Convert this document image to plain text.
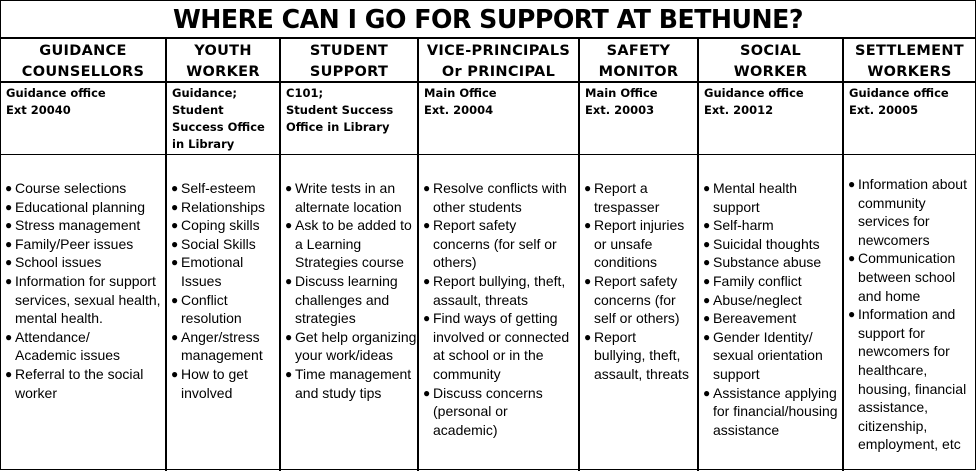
WHERE CAN I GO FOR SUPPORT AT BETHUNE?
GUIDANCE
COUNSELLORS
Guidance office
Ext 20040
● Course selections
● Educational planning
● Stress management
● Family/Peer issues
● School issues
● Information for support
services, sexual health,
mental health.
● Attendance/
Academic issues
● Referral to the social
worker
YOUTH
WORKER
Guidance;
Student
Success Office
in Library
● Self-esteem
● Relationships
● Coping skills
● Social Skills
● Emotional
Issues
● Conflict
resolution
● Anger/stress
management
● How to get
involved
STUDENT
SUPPORT
C101;
Student Success
Office in Library
● Write tests in an
alternate location
● Ask to be added to
a Learning
Strategies course
● Discuss learning
challenges and
strategies
● Get help organizing
your work/ideas
● Time management
and study tips
VICE-PRINCIPALS
Or PRINCIPAL
Main Office
Ext. 20004
● Resolve conflicts with
other students
● Report safety
concerns (for self or
others)
● Report bullying, theft,
assault, threats
● Find ways of getting
involved or connected
at school or in the
community
● Discuss concerns
(personal or
academic)
SAFETY
MONITOR
Main Office
Ext. 20003
● Report a
trespasser
● Report injuries
or unsafe
conditions
● Report safety
concerns (for
self or others)
● Report
bullying, theft,
assault, threats
SOCIAL
WORKER
Guidance office
Ext. 20012
● Mental health
support
● Self-harm
● Suicidal thoughts
● Substance abuse
● Family conflict
● Abuse/neglect
● Bereavement
● Gender Identity/
sexual orientation
support
● Assistance applying
for financial/housing
assistance
SETTLEMENT
WORKERS
Guidance office
Ext. 20005
● Information about
community
services for
newcomers
● Communication
between school
and home
● Information and
support for
newcomers for
healthcare,
housing, financial
assistance,
citizenship,
employment, etc
